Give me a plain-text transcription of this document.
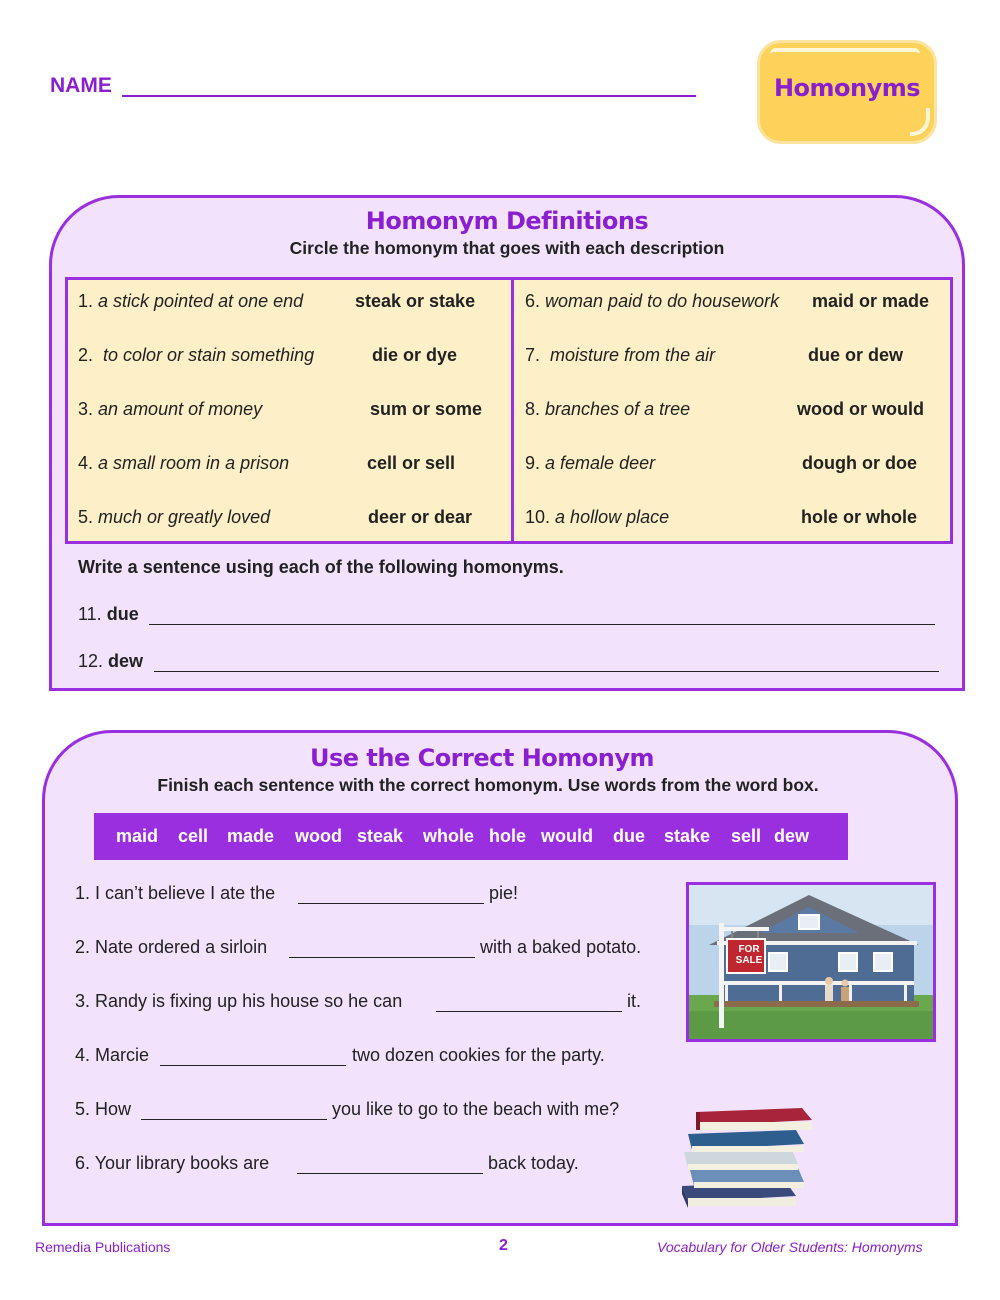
NAME	Homonyms
Homonym Definitions
Circle the homonym that goes with each description
1. a stick pointed at one end	steak or stake
2. to color or stain something	die or dye
3. an amount of money	sum or some
4. a small room in a prison	cell or sell
5. much or greatly loved	deer or dear
6. woman paid to do housework maid or made
7. moisture from the air	due or dew
8. branches of a tree	wood or would
9. a female deer	dough or doe
10. a hollow place	hole or whole
Write a sentence using each of the following homonyms.
11. due
12. dew
Use the Correct Homonym
Finish each sentence with the correct homonym. Use words from the word box.
maid cell made wood steak whole hole would due stake sell dew
1. I can’t believe I ate the	pie!
2. Nate ordered a sirloin	with a baked potato.
3. Randy is fixing up his house so he can	it.
4. Marcie	two dozen cookies for the party.
5. How	you like to go to the beach with me?
6. Your library books are	back today.
FOR
SALE
Remedia Publications	2	Vocabulary for Older Students: Homonyms
